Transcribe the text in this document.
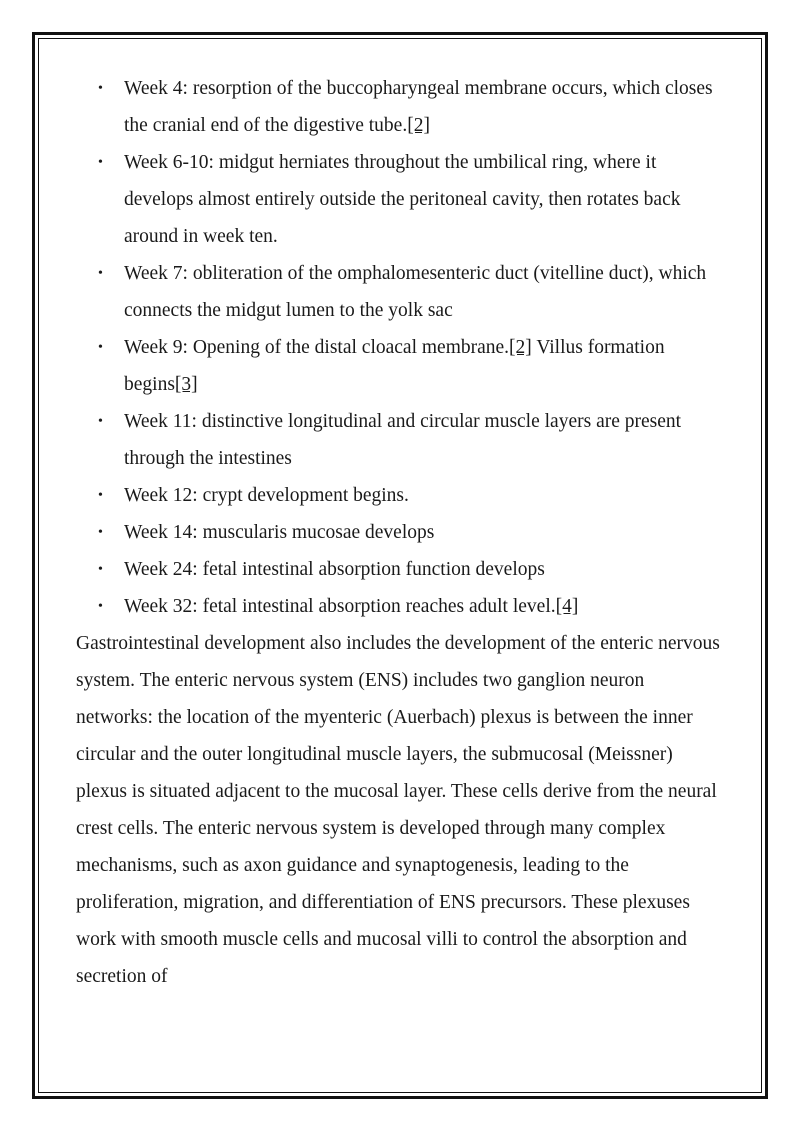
• Week 4: resorption of the buccopharyngeal membrane occurs, which closes the cranial end of the digestive tube.[2]
• Week 6-10: midgut herniates throughout the umbilical ring, where it develops almost entirely outside the peritoneal cavity, then rotates back around in week ten.
• Week 7: obliteration of the omphalomesenteric duct (vitelline duct), which connects the midgut lumen to the yolk sac
• Week 9: Opening of the distal cloacal membrane.[2] Villus formation begins[3]
• Week 11: distinctive longitudinal and circular muscle layers are present through the intestines
• Week 12: crypt development begins.
• Week 14: muscularis mucosae develops
• Week 24: fetal intestinal absorption function develops
• Week 32: fetal intestinal absorption reaches adult level.[4]

Gastrointestinal development also includes the development of the enteric nervous system. The enteric nervous system (ENS) includes two ganglion neuron networks: the location of the myenteric (Auerbach) plexus is between the inner circular and the outer longitudinal muscle layers, the submucosal (Meissner) plexus is situated adjacent to the mucosal layer. These cells derive from the neural crest cells. The enteric nervous system is developed through many complex mechanisms, such as axon guidance and synaptogenesis, leading to the proliferation, migration, and differentiation of ENS precursors. These plexuses work with smooth muscle cells and mucosal villi to control the absorption and secretion of
